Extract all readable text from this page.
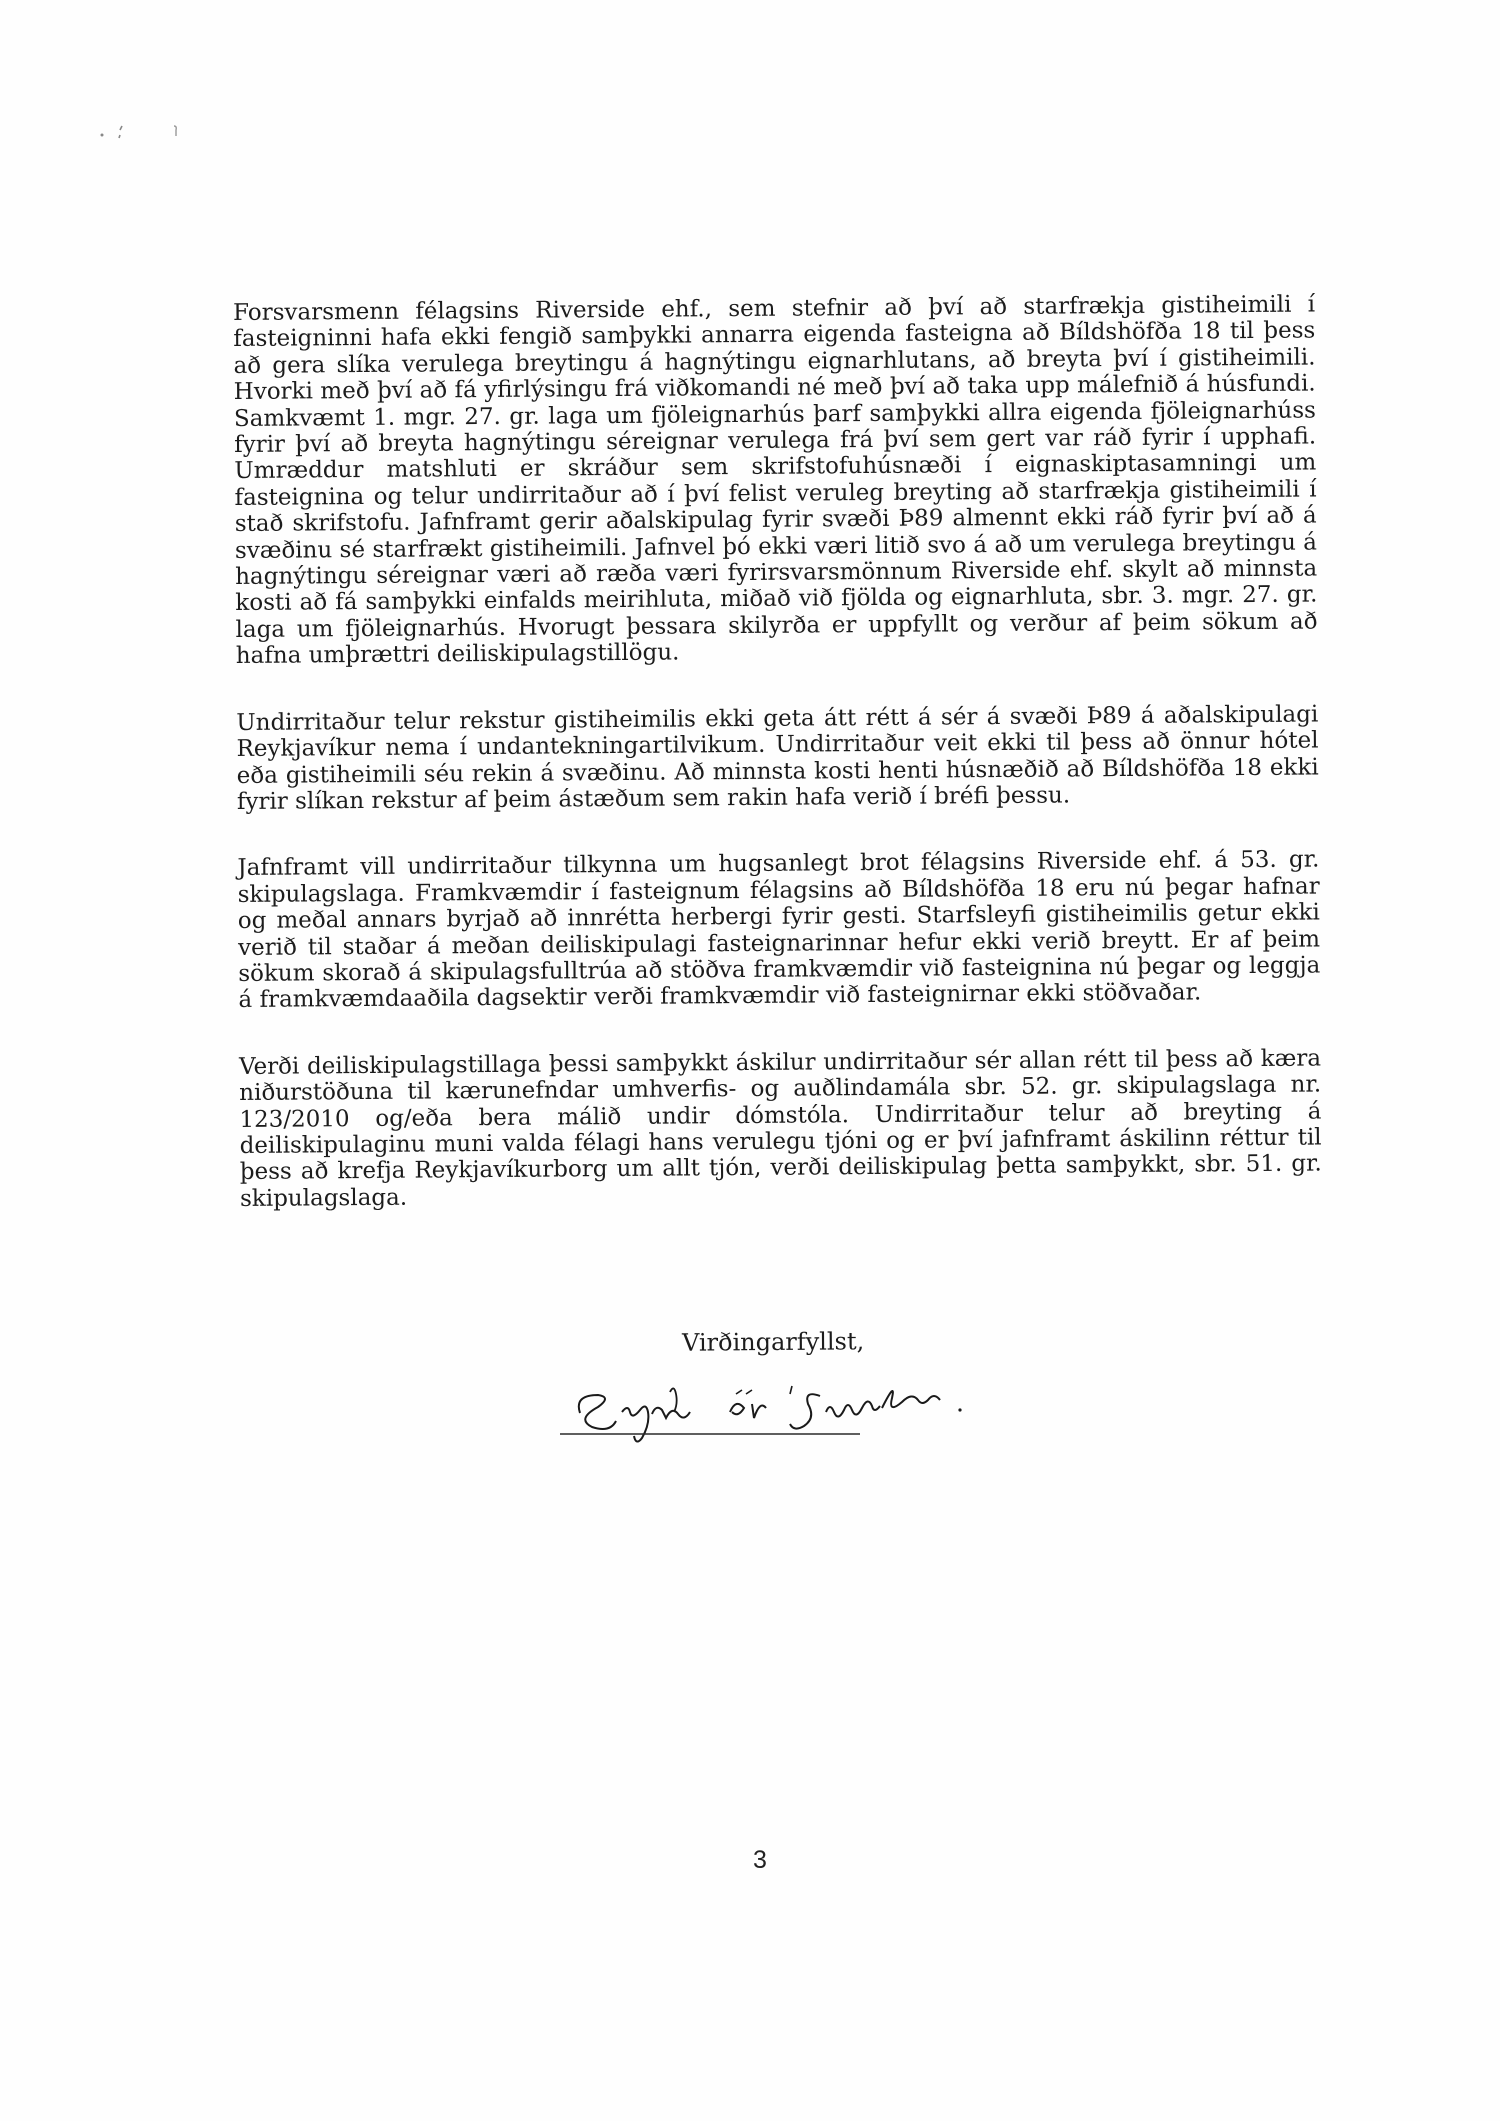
Forsvarsmenn félagsins Riverside ehf., sem stefnir að því að starfrækja gistiheimili í fasteigninni hafa ekki fengið samþykki annarra eigenda fasteigna að Bíldshöfða 18 til þess að gera slíka verulega breytingu á hagnýtingu eignarhlutans, að breyta því í gistiheimili. Hvorki með því að fá yfirlýsingu frá viðkomandi né með því að taka upp málefnið á húsfundi. Samkvæmt 1. mgr. 27. gr. laga um fjöleignarhús þarf samþykki allra eigenda fjöleignarhúss fyrir því að breyta hagnýtingu séreignar verulega frá því sem gert var ráð fyrir í upphafi. Umræddur matshluti er skráður sem skrifstofuhúsnæði í eignaskiptasamningi um fasteignina og telur undirritaður að í því felist veruleg breyting að starfrækja gistiheimili í stað skrifstofu. Jafnframt gerir aðalskipulag fyrir svæði Þ89 almennt ekki ráð fyrir því að á svæðinu sé starfrækt gistiheimili. Jafnvel þó ekki væri litið svo á að um verulega breytingu á hagnýtingu séreignar væri að ræða væri fyrirsvarsmönnum Riverside ehf. skylt að minnsta kosti að fá samþykki einfalds meirihluta, miðað við fjölda og eignarhluta, sbr. 3. mgr. 27. gr. laga um fjöleignarhús. Hvorugt þessara skilyrða er uppfyllt og verður af þeim sökum að hafna umþrættri deiliskipulagstillögu.

Undirritaður telur rekstur gistiheimilis ekki geta átt rétt á sér á svæði Þ89 á aðalskipulagi Reykjavíkur nema í undantekningartilvikum. Undirritaður veit ekki til þess að önnur hótel eða gistiheimili séu rekin á svæðinu. Að minnsta kosti henti húsnæðið að Bíldshöfða 18 ekki fyrir slíkan rekstur af þeim ástæðum sem rakin hafa verið í bréfi þessu.

Jafnframt vill undirritaður tilkynna um hugsanlegt brot félagsins Riverside ehf. á 53. gr. skipulagslaga. Framkvæmdir í fasteignum félagsins að Bíldshöfða 18 eru nú þegar hafnar og meðal annars byrjað að innrétta herbergi fyrir gesti. Starfsleyfi gistiheimilis getur ekki verið til staðar á meðan deiliskipulagi fasteignarinnar hefur ekki verið breytt. Er af þeim sökum skorað á skipulagsfulltrúa að stöðva framkvæmdir við fasteignina nú þegar og leggja á framkvæmdaaðila dagsektir verði framkvæmdir við fasteignirnar ekki stöðvaðar.

Verði deiliskipulagstillaga þessi samþykkt áskilur undirritaður sér allan rétt til þess að kæra niðurstöðuna til kærunefndar umhverfis- og auðlindamála sbr. 52. gr. skipulagslaga nr. 123/2010 og/eða bera málið undir dómstóla. Undirritaður telur að breyting á deiliskipulaginu muni valda félagi hans verulegu tjóni og er því jafnframt áskilinn réttur til þess að krefja Reykjavíkurborg um allt tjón, verði deiliskipulag þetta samþykkt, sbr. 51. gr. skipulagslaga.

Virðingarfyllst,
3
